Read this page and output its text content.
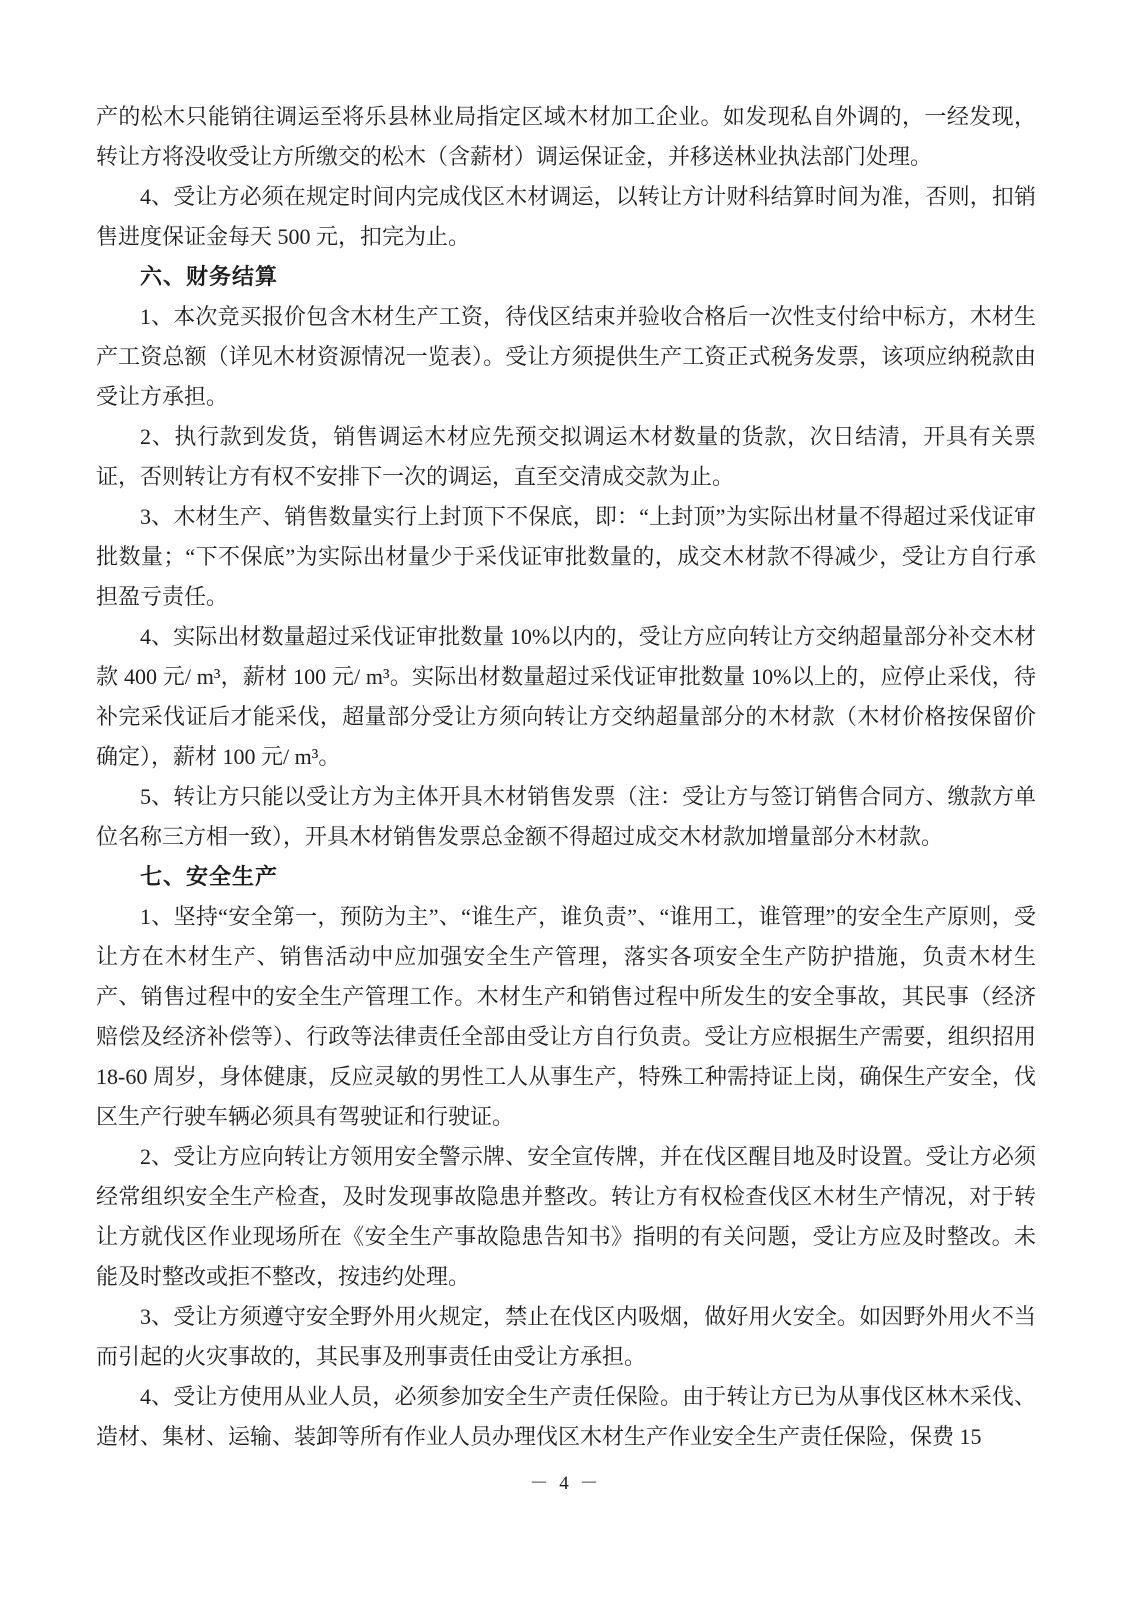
产的松木只能销往调运至将乐县林业局指定区域木材加工企业。如发现私自外调的，一经发现，转让方将没收受让方所缴交的松木（含薪材）调运保证金，并移送林业执法部门处理。

4、受让方必须在规定时间内完成伐区木材调运，以转让方计财科结算时间为准，否则，扣销售进度保证金每天 500 元，扣完为止。

六、财务结算

1、本次竞买报价包含木材生产工资，待伐区结束并验收合格后一次性支付给中标方，木材生产工资总额（详见木材资源情况一览表）。受让方须提供生产工资正式税务发票，该项应纳税款由受让方承担。

2、执行款到发货，销售调运木材应先预交拟调运木材数量的货款，次日结清，开具有关票证，否则转让方有权不安排下一次的调运，直至交清成交款为止。

3、木材生产、销售数量实行上封顶下不保底，即：“上封顶”为实际出材量不得超过采伐证审批数量；“下不保底”为实际出材量少于采伐证审批数量的，成交木材款不得减少，受让方自行承担盈亏责任。

4、实际出材数量超过采伐证审批数量 10%以内的，受让方应向转让方交纳超量部分补交木材款 400 元/ m³，薪材 100 元/ m³。实际出材数量超过采伐证审批数量 10%以上的，应停止采伐，待补完采伐证后才能采伐，超量部分受让方须向转让方交纳超量部分的木材款（木材价格按保留价确定），薪材 100 元/ m³。

5、转让方只能以受让方为主体开具木材销售发票（注：受让方与签订销售合同方、缴款方单位名称三方相一致），开具木材销售发票总金额不得超过成交木材款加增量部分木材款。

七、安全生产

1、坚持“安全第一，预防为主”、“谁生产，谁负责”、“谁用工，谁管理”的安全生产原则，受让方在木材生产、销售活动中应加强安全生产管理，落实各项安全生产防护措施，负责木材生产、销售过程中的安全生产管理工作。木材生产和销售过程中所发生的安全事故，其民事（经济赔偿及经济补偿等）、行政等法律责任全部由受让方自行负责。受让方应根据生产需要，组织招用 18-60 周岁，身体健康，反应灵敏的男性工人从事生产，特殊工种需持证上岗，确保生产安全，伐区生产行驶车辆必须具有驾驶证和行驶证。

2、受让方应向转让方领用安全警示牌、安全宣传牌，并在伐区醒目地及时设置。受让方必须经常组织安全生产检查，及时发现事故隐患并整改。转让方有权检查伐区木材生产情况，对于转让方就伐区作业现场所在《安全生产事故隐患告知书》指明的有关问题，受让方应及时整改。未能及时整改或拒不整改，按违约处理。

3、受让方须遵守安全野外用火规定，禁止在伐区内吸烟，做好用火安全。如因野外用火不当而引起的火灾事故的，其民事及刑事责任由受让方承担。

4、受让方使用从业人员，必须参加安全生产责任保险。由于转让方已为从事伐区林木采伐、造材、集材、运输、装卸等所有作业人员办理伐区木材生产作业安全生产责任保险，保费 15

－ 4 －
